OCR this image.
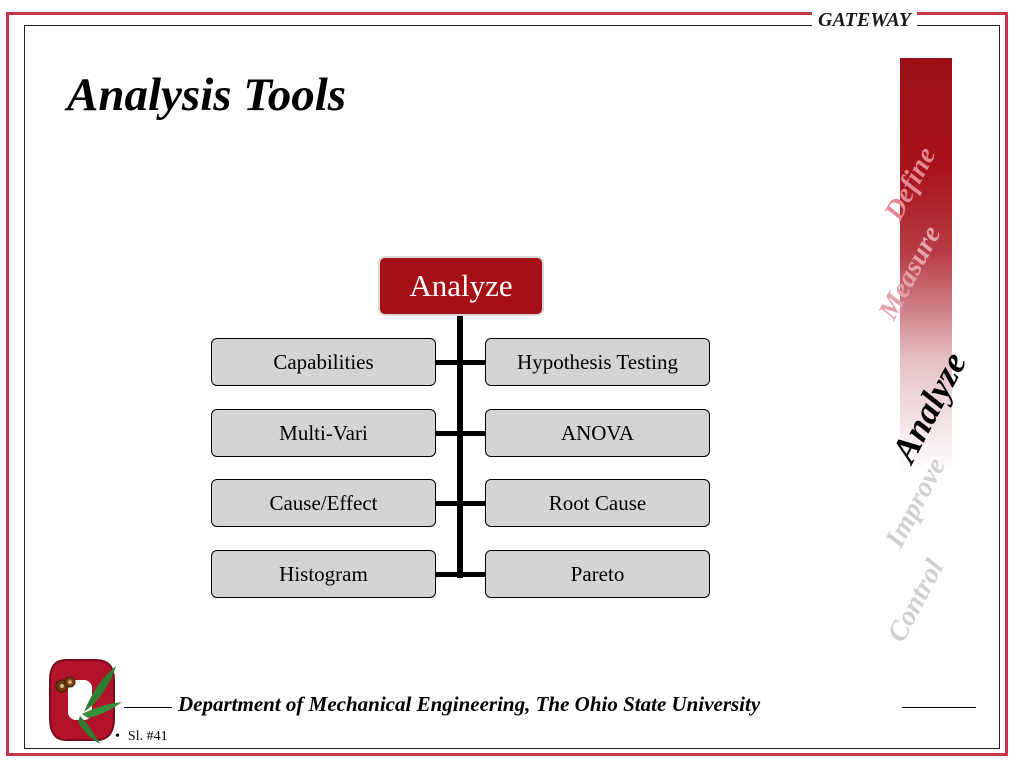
GATEWAY
Analysis Tools
Define
Measure
Analyze
Improve
Control
Analyze
Capabilities
Multi-Vari
Cause/Effect
Histogram
Hypothesis Testing
ANOVA
Root Cause
Pareto
Department of Mechanical Engineering, The Ohio State University
• Sl. #41
